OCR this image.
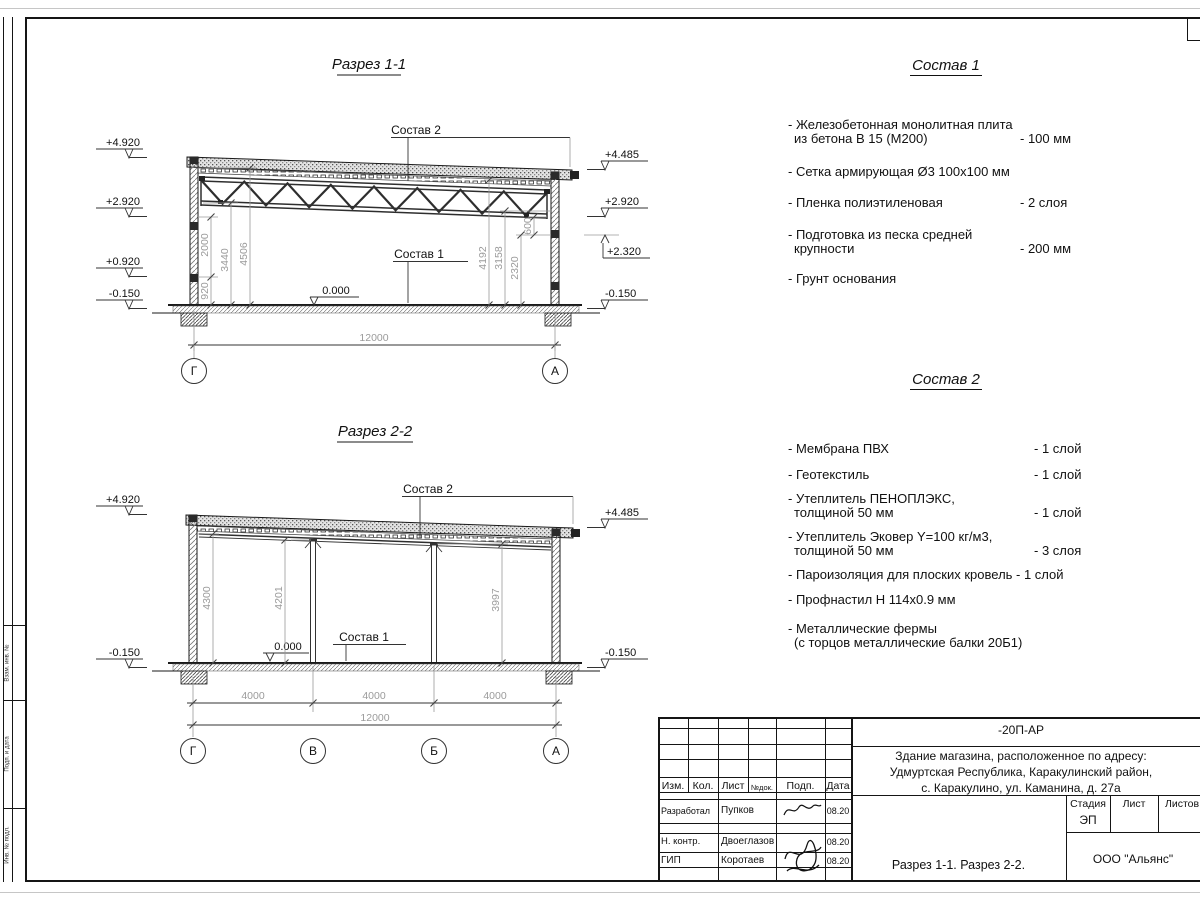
Взам. инв. №
Подп. и дата
Инв. № подл.
Разрез 1-1
+4.920
+2.920
+0.920
-0.150
+4.485
+2.920
+2.320
-0.150
Состав 2
Состав 1
0.000
920
2000
3440 4506	4192 3158 2320
600
12000
Г	А
Разрез 2-2
+4.920
-0.150
+4.485
-0.150
Состав 2
Состав 1
0.000
4300	4201	3997
4000	4000	4000
12000
Г	В	Б	А
Состав 1
- Железобетонная монолитная плита
из бетона В 15 (М200)	- 100 мм
- Сетка армирующая Ø3 100х100 мм
- Пленка полиэтиленовая	- 2 слоя
- Подготовка из песка средней
крупности	- 200 мм
- Грунт основания
Состав 2
- Мембрана ПВХ	- 1 слой
- Геотекстиль	- 1 слой
- Утеплитель ПЕНОПЛЭКС,
толщиной 50 мм	- 1 слой
- Утеплитель Эковер Y=100 кг/м3,
толщиной 50 мм	- 3 слоя
- Пароизоляция для плоских кровель - 1 слой
- Профнастил Н 114х0.9 мм
- Металлические фермы
(с торцов металлические балки 20Б1)
Изм. Кол. Лист №док.	Подп.	Дата
Разработал Пупков	08.20
Н. контр. Двоеглазов	08.20
ГИП	Коротаев	08.20
-20П-АР
Здание магазина, расположенное по адресу:
Удмуртская Республика, Каракулинский район,
с. Каракулино, ул. Каманина, д. 27а
Стадия	Лист	Листов
ЭП
Разрез 1-1. Разрез 2-2.	ООО "Альянс"
